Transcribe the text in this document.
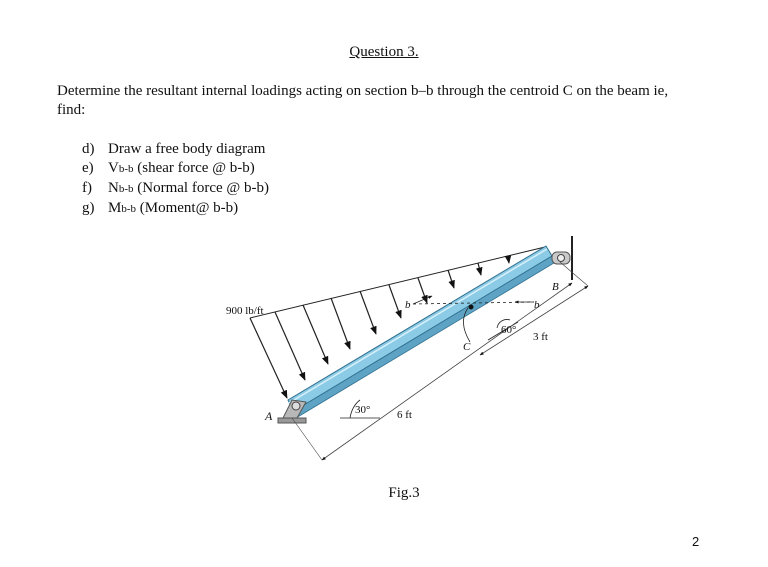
Question 3.
Determine the resultant internal loadings acting on section b–b through the centroid C on the beam ie, find:
d) Draw a free body diagram
e) Vb-b (shear force @ b-b)
f) Nb-b (Normal force @ b-b)
g) Mb-b (Moment@ b-b)
900 lb/ft
A
B
C
b	b
30°
60°
6 ft
3 ft
Fig.3
2
